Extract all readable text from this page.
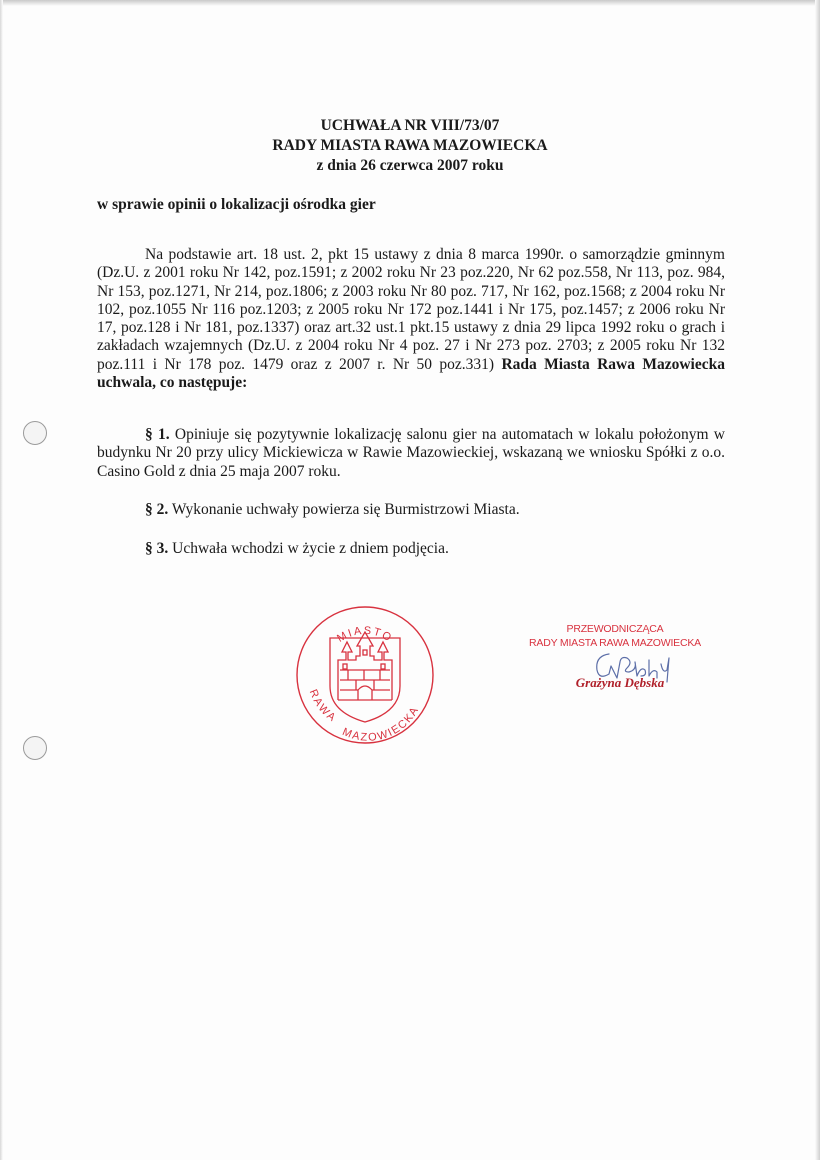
UCHWAŁA NR VIII/73/07
RADY MIASTA RAWA MAZOWIECKA
z dnia 26 czerwca 2007 roku
w sprawie opinii o lokalizacji ośrodka gier
Na podstawie art. 18 ust. 2, pkt 15 ustawy z dnia 8 marca 1990r. o samorządzie gminnym (Dz.U. z 2001 roku Nr 142, poz.1591; z 2002 roku Nr 23 poz.220, Nr 62 poz.558, Nr 113, poz. 984, Nr 153, poz.1271, Nr 214, poz.1806; z 2003 roku Nr 80 poz. 717, Nr 162, poz.1568; z 2004 roku Nr 102, poz.1055 Nr 116 poz.1203; z 2005 roku Nr 172 poz.1441 i Nr 175, poz.1457; z 2006 roku Nr 17, poz.128 i Nr 181, poz.1337) oraz art.32 ust.1 pkt.15 ustawy z dnia 29 lipca 1992 roku o grach i zakładach wzajemnych (Dz.U. z 2004 roku Nr 4 poz. 27 i Nr 273 poz. 2703; z 2005 roku Nr 132 poz.111 i Nr 178 poz. 1479 oraz z 2007 r. Nr 50 poz.331) Rada Miasta Rawa Mazowiecka uchwala, co następuje:
§ 1. Opiniuje się pozytywnie lokalizację salonu gier na automatach w lokalu położonym w budynku Nr 20 przy ulicy Mickiewicza w Rawie Mazowieckiej, wskazaną we wniosku Spółki z o.o. Casino Gold z dnia 25 maja 2007 roku.
§ 2. Wykonanie uchwały powierza się Burmistrzowi Miasta.
§ 3. Uchwała wchodzi w życie z dniem podjęcia.
MIASTO
RAWA
MAZOWIECKA
PRZEWODNICZĄCA
RADY MIASTA RAWA MAZOWIECKA
Grażyna Dębska
